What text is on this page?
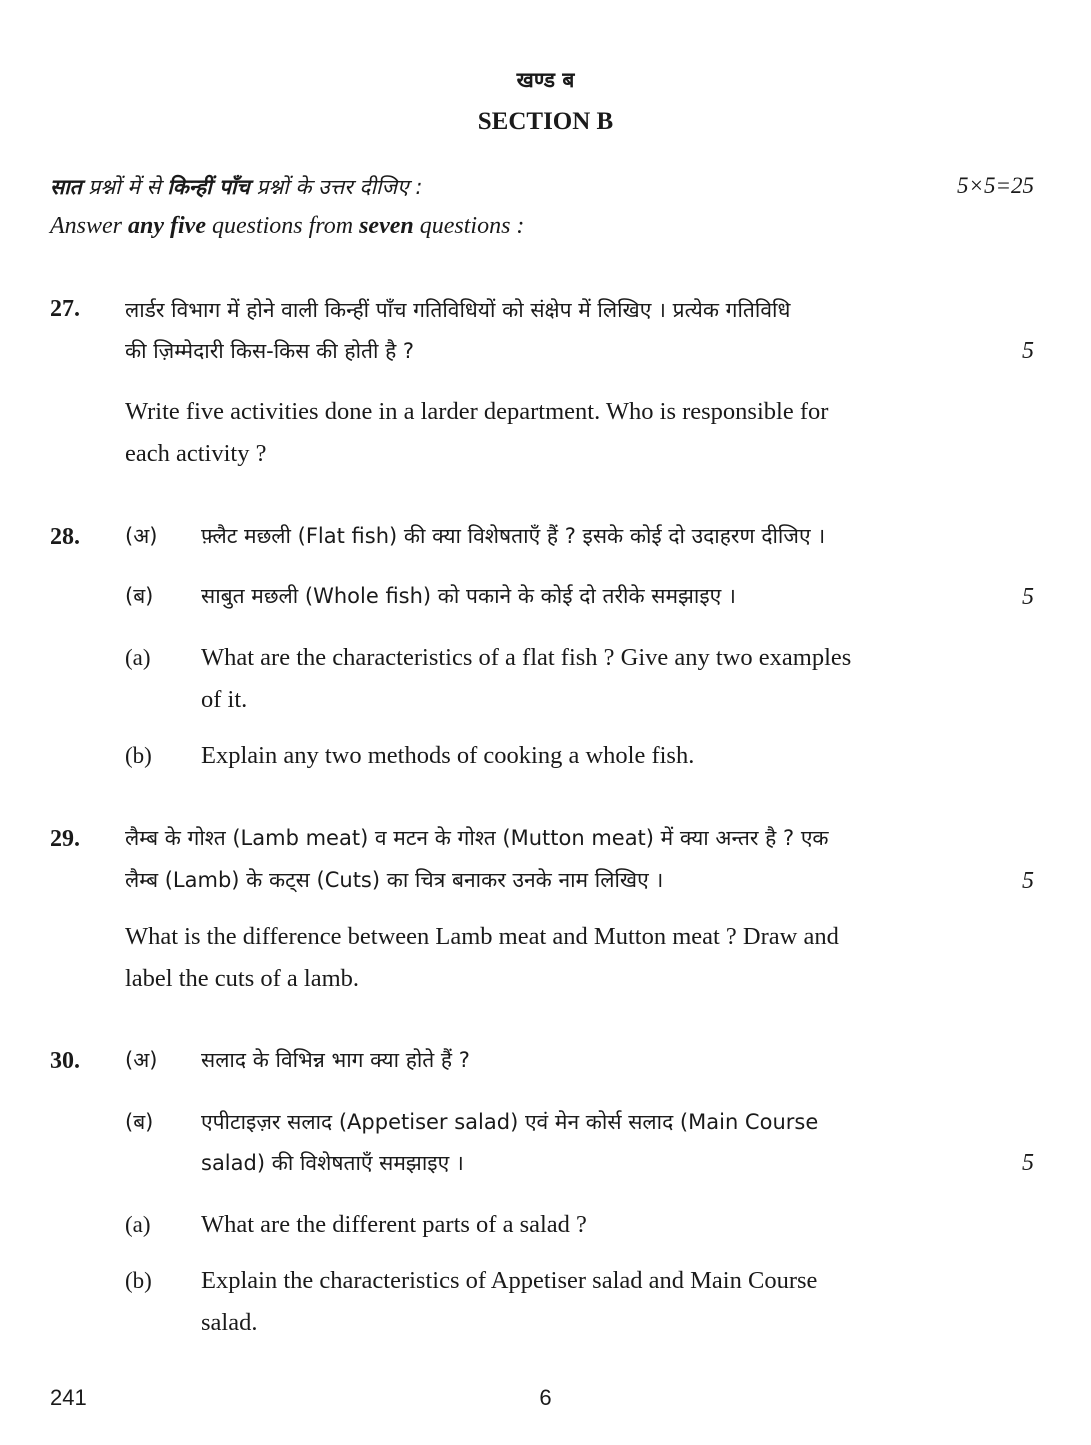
खण्ड ब
SECTION B
सात प्रश्नों में से किन्हीं पाँच प्रश्नों के उत्तर दीजिए :	5×5=25
Answer any five questions from seven questions :
27. लार्डर विभाग में होने वाली किन्हीं पाँच गतिविधियों को संक्षेप में लिखिए । प्रत्येक गतिविधि
की ज़िम्मेदारी किस-किस की होती है ?	5
Write five activities done in a larder department. Who is responsible for
each activity ?
28. (अ) फ़्लैट मछली (Flat fish) की क्या विशेषताएँ हैं ? इसके कोई दो उदाहरण दीजिए ।
(ब) साबुत मछली (Whole fish) को पकाने के कोई दो तरीके समझाइए ।	5
(a) What are the characteristics of a flat fish ? Give any two examples
of it.
(b) Explain any two methods of cooking a whole fish.
29. लैम्ब के गोश्त (Lamb meat) व मटन के गोश्त (Mutton meat) में क्या अन्तर है ? एक
लैम्ब (Lamb) के कट्स (Cuts) का चित्र बनाकर उनके नाम लिखिए ।	5
What is the difference between Lamb meat and Mutton meat ? Draw and
label the cuts of a lamb.
30. (अ) सलाद के विभिन्न भाग क्या होते हैं ?
(ब) एपीटाइज़र सलाद (Appetiser salad) एवं मेन कोर्स सलाद (Main Course
salad) की विशेषताएँ समझाइए ।	5
(a) What are the different parts of a salad ?
(b) Explain the characteristics of Appetiser salad and Main Course
salad.
241	6
